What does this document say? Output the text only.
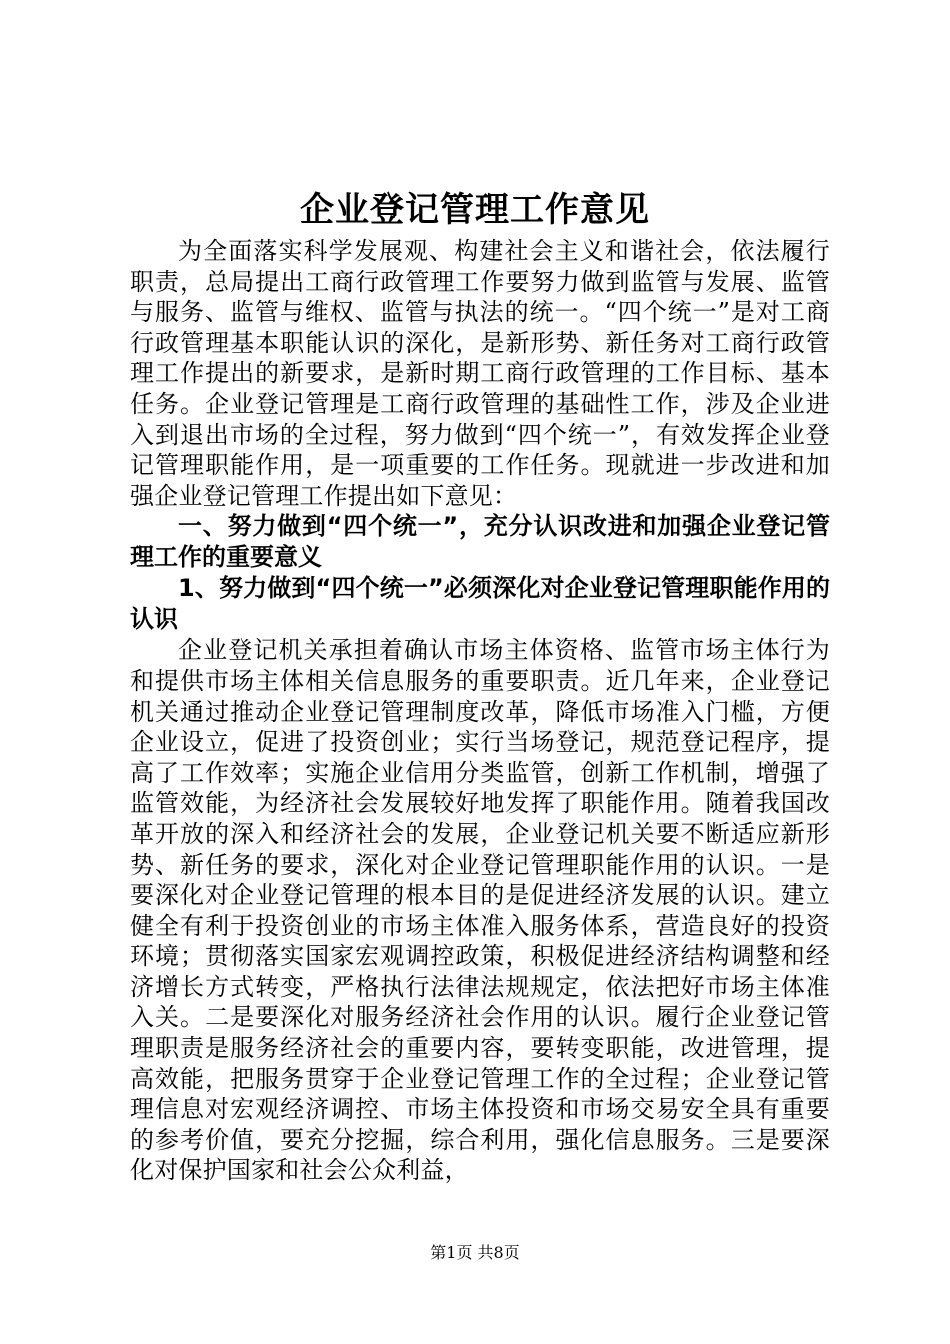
企业登记管理工作意见

为全面落实科学发展观、构建社会主义和谐社会，依法履行职责，总局提出工商行政管理工作要努力做到监管与发展、监管与服务、监管与维权、监管与执法的统一。“四个统一”是对工商行政管理基本职能认识的深化，是新形势、新任务对工商行政管理工作提出的新要求，是新时期工商行政管理的工作目标、基本任务。企业登记管理是工商行政管理的基础性工作，涉及企业进入到退出市场的全过程，努力做到“四个统一”，有效发挥企业登记管理职能作用，是一项重要的工作任务。现就进一步改进和加强企业登记管理工作提出如下意见：

一、努力做到“四个统一”，充分认识改进和加强企业登记管理工作的重要意义

1、努力做到“四个统一”必须深化对企业登记管理职能作用的认识

企业登记机关承担着确认市场主体资格、监管市场主体行为和提供市场主体相关信息服务的重要职责。近几年来，企业登记机关通过推动企业登记管理制度改革，降低市场准入门槛，方便企业设立，促进了投资创业；实行当场登记，规范登记程序，提高了工作效率；实施企业信用分类监管，创新工作机制，增强了监管效能，为经济社会发展较好地发挥了职能作用。随着我国改革开放的深入和经济社会的发展，企业登记机关要不断适应新形势、新任务的要求，深化对企业登记管理职能作用的认识。一是要深化对企业登记管理的根本目的是促进经济发展的认识。建立健全有利于投资创业的市场主体准入服务体系，营造良好的投资环境；贯彻落实国家宏观调控政策，积极促进经济结构调整和经济增长方式转变，严格执行法律法规规定，依法把好市场主体准入关。二是要深化对服务经济社会作用的认识。履行企业登记管理职责是服务经济社会的重要内容，要转变职能，改进管理，提高效能，把服务贯穿于企业登记管理工作的全过程；企业登记管理信息对宏观经济调控、市场主体投资和市场交易安全具有重要的参考价值，要充分挖掘，综合利用，强化信息服务。三是要深化对保护国家和社会公众利益，

第1页 共8页
